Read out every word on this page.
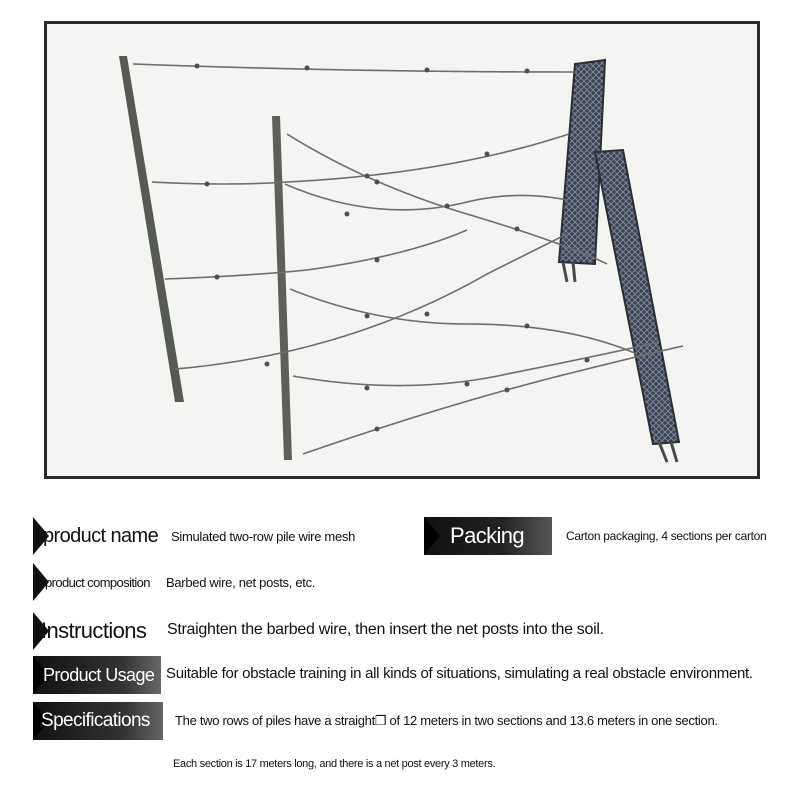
product name Simulated two-row pile wire mesh	Packing	Carton packaging, 4 sections per carton
product composition Barbed wire, net posts, etc.
Instructions Straighten the barbed wire, then insert the net posts into the soil.
Product Usage Suitable for obstacle training in all kinds of situations, simulating a real obstacle environment.
Specifications The two rows of piles have a straight❒ of 12 meters in two sections and 13.6 meters in one section.
Each section is 17 meters long, and there is a net post every 3 meters.
